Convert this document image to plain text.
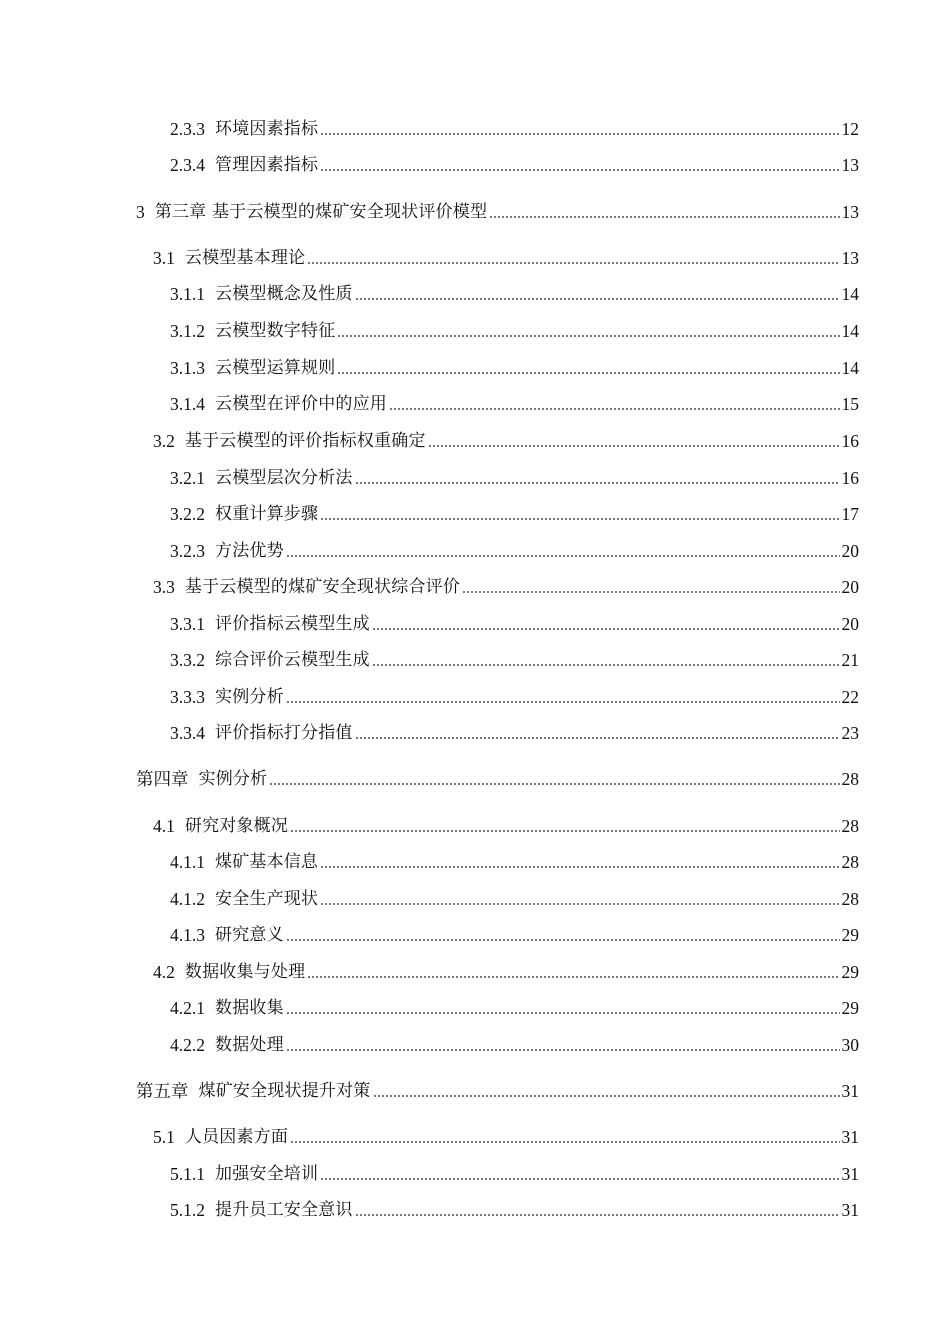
2.3.3 环境因素指标	12
2.3.4 管理因素指标	13
3 第三章 基于云模型的煤矿安全现状评价模型	13
3.1 云模型基本理论	13
3.1.1 云模型概念及性质	14
3.1.2 云模型数字特征	14
3.1.3 云模型运算规则	14
3.1.4 云模型在评价中的应用	15
3.2 基于云模型的评价指标权重确定	16
3.2.1 云模型层次分析法	16
3.2.2 权重计算步骤	17
3.2.3 方法优势	20
3.3 基于云模型的煤矿安全现状综合评价	20
3.3.1 评价指标云模型生成	20
3.3.2 综合评价云模型生成	21
3.3.3 实例分析	22
3.3.4 评价指标打分指值	23
第四章 实例分析	28
4.1 研究对象概况	28
4.1.1 煤矿基本信息	28
4.1.2 安全生产现状	28
4.1.3 研究意义	29
4.2 数据收集与处理	29
4.2.1 数据收集	29
4.2.2 数据处理	30
第五章 煤矿安全现状提升对策	31
5.1 人员因素方面	31
5.1.1 加强安全培训	31
5.1.2 提升员工安全意识	31
